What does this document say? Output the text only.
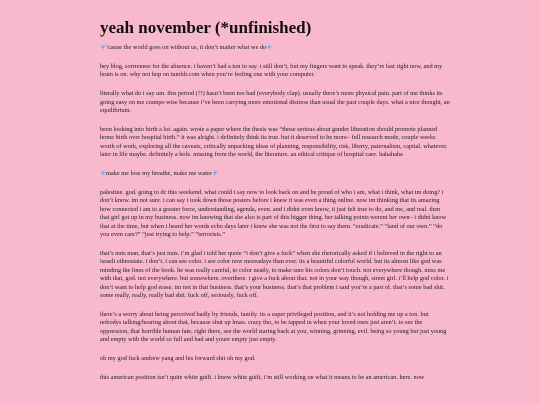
yeah november (*unfinished)

’cause the world goes on without us, it don’t matter what we do

hey blog, sorrreeeee for the absence. i haven’t had a ton to say. i still don’t, but my fingers want to speak. they’re fast right now, and my brain is on. why not hop on tumblr.com when you’re feeling one with your computer.

literally what do i say um. this period (?!) hasn’t been too bad (everybody clap). usually there’s more physical pain. part of me thinks its going easy on me cramps-wise because i’ve been carrying more emotional distress than usual the past couple days. what a nice thought, an equilibrium.

been looking into birth a lot. again. wrote a paper where the thesis was “those serious about gender liberation should promote planned home birth over hospital birth.” it was alright. i definitely think its true. but it deserved to be more– full research mode, couple weeks worth of work, exploring all the caveats, critically unpacking ideas of planning, responsibility, risk, liberty, paternalism, capital. whatever. later in life maybe. definitely a hole. missing from the world, the literature. an ethical critique of hospital care. hahahaha

make me lose my breathe, make me water

palestine. god. going to dc this weekend. what could i say now to look back on and be proud of who i am, what i think, what im doing? i don’t know. im not sure. i can say i took down those posters before i knew it was even a thing online. now im thinking that its amazing how connected i am to a greater force, understanding, agenda, even. and i didnt even know, it just felt true to do, and me, and real. then that girl got up in my business. now im knowing that she also is part of this bigger thing. her talking points werent her own– i didnt know that at the time, but when i heard her words echo days later i knew she was not the first to say them. “eradicate.” “land of our own.” “do you even care?” “just trying to help.” “terrorists.”

that’s nuts man, that’s just nuts. i’m glad i told her quote “i don’t give a fuck” when she rhetorically asked if i believed in the right to an israeli ethnostate. i don’t. i can see color. i see color now moreadays than ever. its a beautiful colorful world. but its almost like god was minding the lines of the book. he was really careful, to color neatly, to make sure his colors don’t touch. not everywhere though. miss me with that, god. not everywhere. but somewhere. overthere. i give a fuck about that. not in your way though, street girl. i’ll help god color. i don’t want to help god erase. im not in that business. that’s your business. that’s that problem i said you’re a part of. that’s some bad shit. some really, really, really bad shit. fuck off, seriously, fuck off.

there’s a worry about being perceived badly by friends, family. its a super privileged position, and it’s not holding me up a ton. but nobodys talking/hearing about that, because shut up lmao. crazy tho, to be tapped in when your loved ones just aren’t. to see the oppression, that horrible human fate, right there, see the world staring back at you, winning, grinning, evil. being so young but just young and empty with the world so full and bad and youre empty just empty.

oh my god fuck andrew yang and his forward shit oh my god.

this american position isn’t quite white guilt. i know white guilt, i’m still working on what it means to be an american. here. now
